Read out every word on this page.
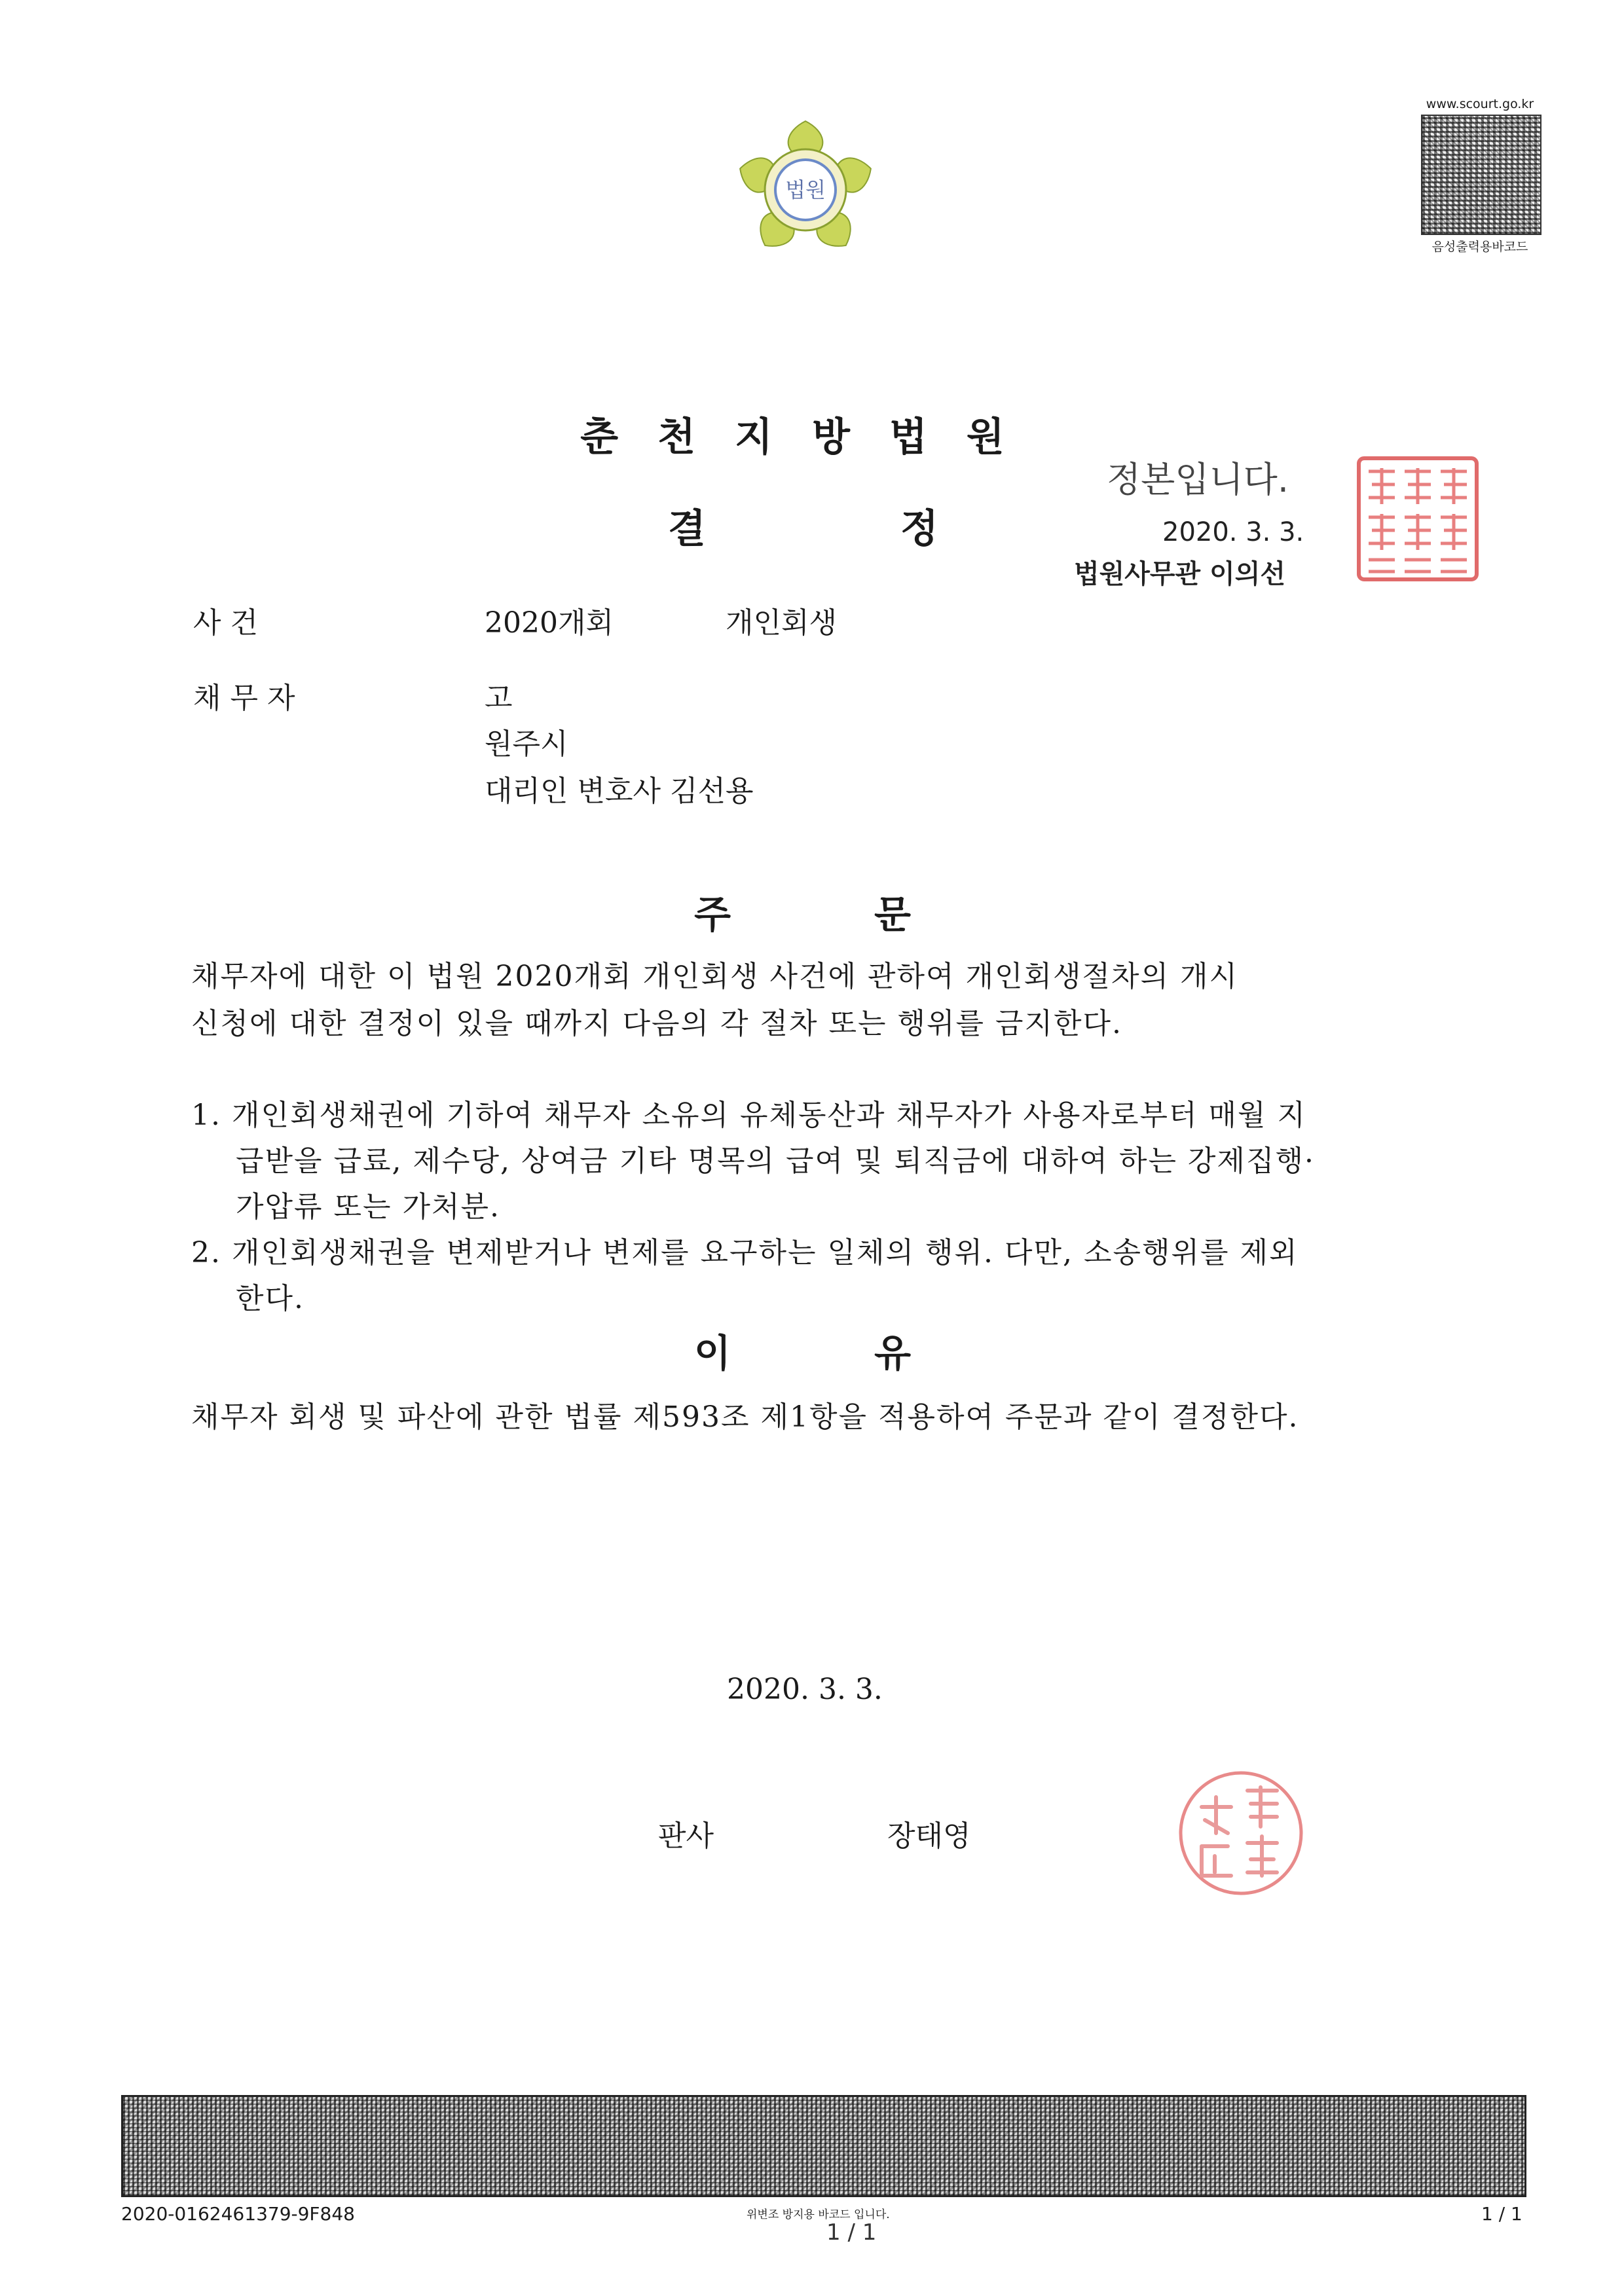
법원
www.scourt.go.kr
음성출력용바코드
춘천지방법원
결	정
정본입니다.
2020. 3. 3.
법원사무관 이의선
사 건	2020개회	개인회생
채 무 자	고
원주시
대리인 변호사 김선용
주	문
채무자에 대한 이 법원 2020개회 개인회생 사건에 관하여 개인회생절차의 개시
신청에 대한 결정이 있을 때까지 다음의 각 절차 또는 행위를 금지한다.
1. 개인회생채권에 기하여 채무자 소유의 유체동산과 채무자가 사용자로부터 매월 지
급받을 급료, 제수당, 상여금 기타 명목의 급여 및 퇴직금에 대하여 하는 강제집행·
가압류 또는 가처분.
2. 개인회생채권을 변제받거나 변제를 요구하는 일체의 행위. 다만, 소송행위를 제외
한다.
이	유
채무자 회생 및 파산에 관한 법률 제593조 제1항을 적용하여 주문과 같이 결정한다.
2020. 3. 3.
판사	장태영
2020-0162461379-9F848	위변조 방지용 바코드 입니다.
1 / 1
1 / 1
